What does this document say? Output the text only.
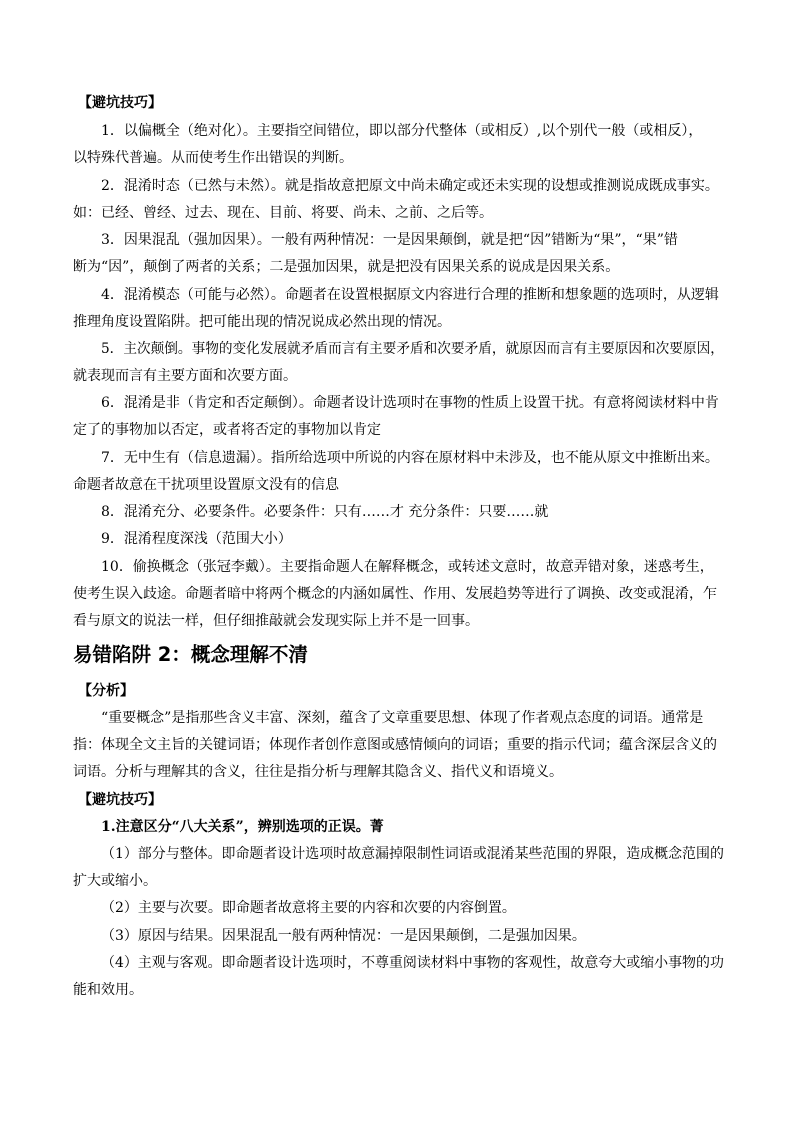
【避坑技巧】
1．以偏概全（绝对化）。主要指空间错位，即以部分代整体（或相反）,以个别代一般（或相反），
以特殊代普遍。从而使考生作出错误的判断。
2．混淆时态（已然与未然）。就是指故意把原文中尚未确定或还未实现的设想或推测说成既成事实。
如：已经、曾经、过去、现在、目前、将要、尚未、之前、之后等。
3．因果混乱（强加因果）。一般有两种情况：一是因果颠倒，就是把“因”错断为“果”，“果”错
断为“因”，颠倒了两者的关系；二是强加因果，就是把没有因果关系的说成是因果关系。
4．混淆模态（可能与必然）。命题者在设置根据原文内容进行合理的推断和想象题的选项时，从逻辑
推理角度设置陷阱。把可能出现的情况说成必然出现的情况。
5．主次颠倒。事物的变化发展就矛盾而言有主要矛盾和次要矛盾，就原因而言有主要原因和次要原因，
就表现而言有主要方面和次要方面。
6．混淆是非（肯定和否定颠倒）。命题者设计选项时在事物的性质上设置干扰。有意将阅读材料中肯
定了的事物加以否定，或者将否定的事物加以肯定
7．无中生有（信息遗漏）。指所给选项中所说的内容在原材料中未涉及，也不能从原文中推断出来。
命题者故意在干扰项里设置原文没有的信息
8．混淆充分、必要条件。必要条件：只有……才 充分条件：只要……就
9．混淆程度深浅（范围大小）
10．偷换概念（张冠李戴）。主要指命题人在解释概念，或转述文意时，故意弄错对象，迷惑考生，
使考生误入歧途。命题者暗中将两个概念的内涵如属性、作用、发展趋势等进行了调换、改变或混淆，乍
看与原文的说法一样，但仔细推敲就会发现实际上并不是一回事。
易错陷阱 2：概念理解不清
【分析】
“重要概念”是指那些含义丰富、深刻，蕴含了文章重要思想、体现了作者观点态度的词语。通常是
指：体现全文主旨的关键词语；体现作者创作意图或感情倾向的词语；重要的指示代词；蕴含深层含义的
词语。分析与理解其的含义，往往是指分析与理解其隐含义、指代义和语境义。
【避坑技巧】
1.注意区分“八大关系”，辨别选项的正误。菁
（1）部分与整体。即命题者设计选项时故意漏掉限制性词语或混淆某些范围的界限，造成概念范围的
扩大或缩小。
（2）主要与次要。即命题者故意将主要的内容和次要的内容倒置。
（3）原因与结果。因果混乱一般有两种情况：一是因果颠倒，二是强加因果。
（4）主观与客观。即命题者设计选项时，不尊重阅读材料中事物的客观性，故意夸大或缩小事物的功
能和效用。
